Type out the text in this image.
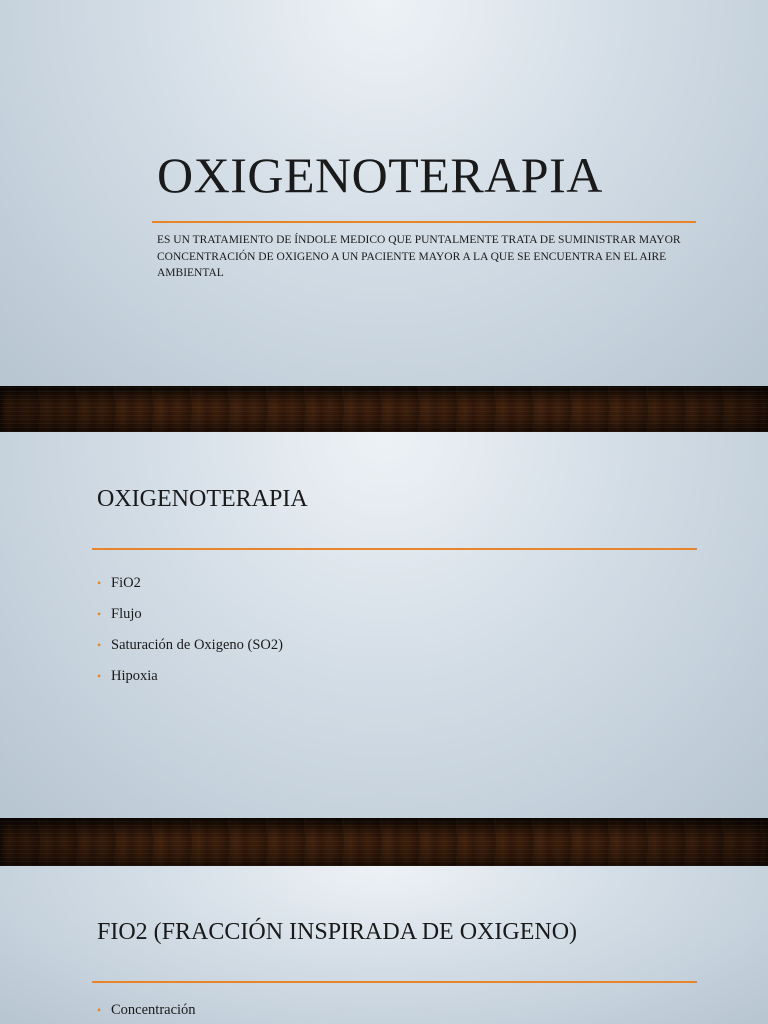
OXIGENOTERAPIA

ES UN TRATAMIENTO DE ÍNDOLE MEDICO QUE PUNTALMENTE TRATA DE SUMINISTRAR MAYOR CONCENTRACIÓN DE OXIGENO A UN PACIENTE MAYOR A LA QUE SE ENCUENTRA EN EL AIRE AMBIENTAL

OXIGENOTERAPIA
• FiO2
• Flujo
• Saturación de Oxigeno (SO2)
• Hipoxia
FIO2 (FRACCIÓN INSPIRADA DE OXIGENO)
• Concentración
